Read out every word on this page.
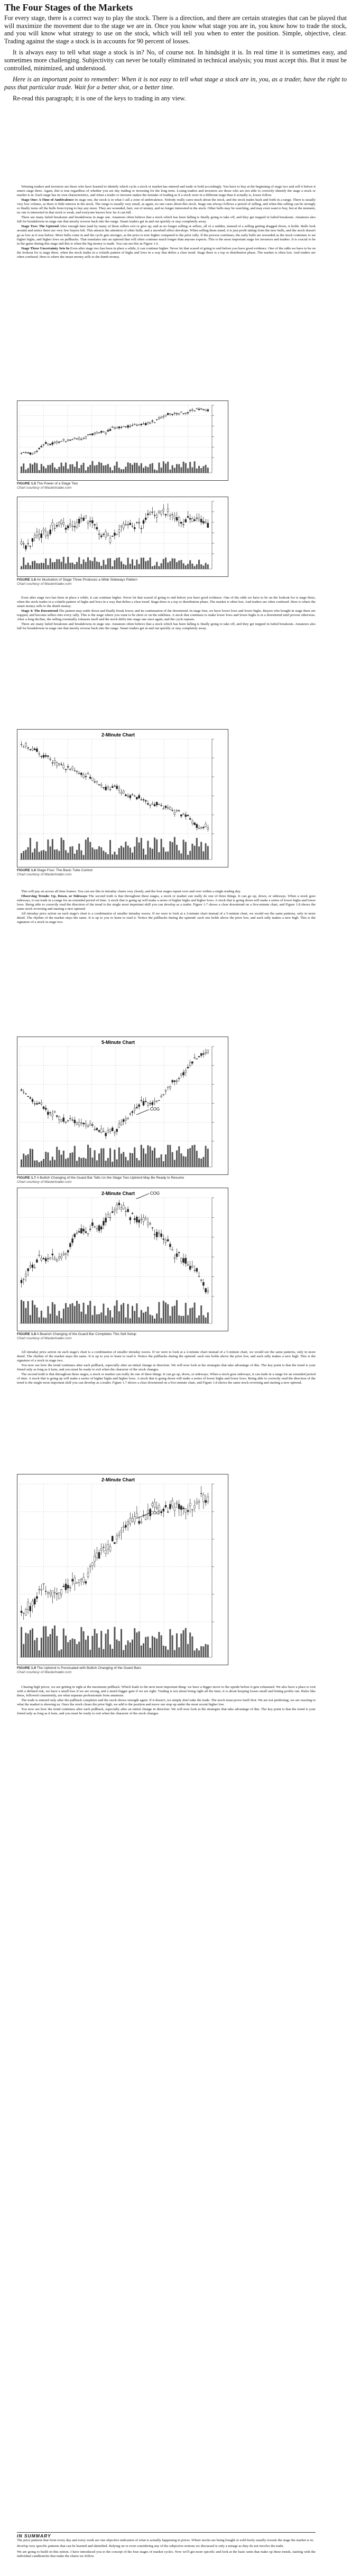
The Four Stages of the Markets

For every stage, there is a correct way to play the stock. There is a direction, and there are certain strategies that can be played that will maximize the movement due to the stage we are in. Once you know what stage you are in, you know how to trade the stock, and you will know what strategy to use on the stock, which will tell you when to enter the position. Simple, objective, clear. Trading against the stage a stock is in accounts for 90 percent of losses.

It is always easy to tell what stage a stock is in? No, of course not. In hindsight it is. In real time it is sometimes easy, and sometimes more challenging. Subjectivity can never be totally eliminated in technical analysis; you must accept this. But it must be controlled, minimized, and understood.

Here is an important point to remember: When it is not easy to tell what stage a stock are in, you, as a trader, have the right to pass that particular trade. Wait for a better shot, or a better time.

Re-read this paragraph; it is one of the keys to trading in any view.

Winning traders and investors are those who have learned to identify which cycle a stock or market has entered and trade or hold accordingly. You have to buy at the beginning of stage two and sell it before it enters stage three. Again, this is true regardless of whether you are day trading or investing for the long term. Losing traders and investors are those who are not able to correctly identify the stage a stock or market is in. Each stage has its own characteristics, and when a trader or investor makes the mistake of trading as if a stock were in a different stage than it actually is, losses follow.

Stage One: A Time of Ambivalence In stage one, the stock is in what I call a zone of ambivalence. Nobody really cares much about the stock, and the stock trades back and forth in a range. There is usually very low volume, as there is little interest in the stock. The range is usually very small, as again, no one cares about this stock. Stage one always follows a period of selling, and when this selling can be strongly or finally turns off the bulls from trying to buy any more. They are wounded, hurt, out of money, and no longer interested in the stock. Other bulls may be watching, and may even want to buy, but at the moment, no one is interested in that stock is weak, and everyone knows how far it can fall.

There are many failed breakouts and breakdowns in stage one. Amateurs often believe that a stock which has been falling is finally going to take off, and they get trapped in failed breakouts. Amateurs also fall for breakdowns in stage one that merely reverse back into the range. Smart traders get in and out quickly or stay completely away.

Stage Two: The Uptrend After enough time (and by many of these sellers exit or give up, and as no longer selling or sellers, all of a sudden, instead of a selling getting dragged down, it holds. Bulls look around and notice there are very few buyers left. This attracts the attention of other bulls, and a snowball effect develops. When selling them stand, it is just profit taking from the new bulls, and the stock doesn't go as low as it was before. More bulls come in and the cycle gets stronger, as the price is now higher compared to the prior rally. If the process continues, the early bulls are rewarded as the stock continues to set higher highs, and higher lows on pullbacks. That translates into an uptrend that will often continue much longer than anyone expects. This is the most important stage for investors and traders. It is crucial to be in the game during this stage and this is when the big money is made. You can see this in Figure 1.6.

Stage Three Uncertainty Sets In Even after stage two has been in place a while, it can continue higher. Never let that scared of going to end before you have good evidence. One of the odds we have to be on the lookout for is stage three, when the stock trades in a volatile pattern of highs and lows in a way that defies a clear trend. Stage three is a top or distribution phase. The market is often lost. And traders are often confused. Here is where the smart money sells to the dumb money.

FIGURE 1.5 The Power of a Stage Two
Chart courtesy of Mastertrader.com
FIGURE 1.6 An Illustration of Stage Three Produces a Wide Sideways Pattern
Chart courtesy of Mastertrader.com

Even after stage two has been in place a while, it can continue higher. Never let that scared of going to end before you have good evidence. One of the odds we have to be on the lookout for is stage three, when the stock trades in a volatile pattern of highs and lows in a way that defies a clear trend. Stage three is a top or distribution phase. The market is often lost. And traders are often confused. Here is where the smart money sells to the dumb money.

Stage 4: The Downtrend The pattern may settle down and finally break lower, and its continuation of the downtrend. In stage four, we have lower lows and lower highs. Buyers who bought in stage three are trapped, and become sellers into every rally. This is the stage where you want to be short or on the sidelines. A stock that continues to make lower lows and lower highs is in a downtrend until proven otherwise. After a long decline, the selling eventually exhausts itself and the stock drifts into stage one once again, and the cycle repeats.

There are many failed breakouts and breakdowns in stage one. Amateurs often believe that a stock which has been falling is finally going to take off, and they get trapped in failed breakouts. Amateurs also fall for breakdowns in stage one that merely reverse back into the range. Smart traders get in and out quickly or stay completely away.

2-Minute Chart
FIGURE 1.6 Stage Four: The Basic Tube Control
Chart courtesy of Mastertrader.com

This will pay on across all time frames. You can see this in intraday charts very clearly, and the four stages repeat over and over within a single trading day.

Observing Trends: Up, Down, or Sideways The second truth is that throughout these stages, a stock or market can really do one of three things. It can go up, down, or sideways. When a stock goes sideways, it can trade in a range for an extended period of time. A stock that is going up will make a series of higher highs and higher lows. A stock that is going down will make a series of lower highs and lower lows. Being able to correctly read the direction of the trend is the single most important skill you can develop as a trader. Figure 1.7 shows a clear downtrend on a five-minute chart, and Figure 1.8 shows the same stock reversing and starting a new uptrend.

All intraday price action on each stage's chart is a combination of smaller intraday waves. If we were to look at a 2-minute chart instead of a 5-minute chart, we would see the same patterns, only in more detail. The rhythm of the market stays the same. It is up to you to learn to read it. Notice the pullbacks during the uptrend: each one holds above the prior low, and each rally makes a new high. This is the signature of a stock in stage two.

5-Minute Chart
COG
FIGURE 1.7 A Bullish Changing of the Guard Bar Tells Us the Stage Two Uptrend May Be Ready to Resume
Chart courtesy of Mastertrader.com
2-Minute Chart	COG
FIGURE 1.8 A Bearish Changing of the Guard Bar Completes This Sell Setup
Chart courtesy of Mastertrader.com

All intraday price action on each stage's chart is a combination of smaller intraday waves. If we were to look at a 2-minute chart instead of a 5-minute chart, we would see the same patterns, only in more detail. The rhythm of the market stays the same. It is up to you to learn to read it. Notice the pullbacks during the uptrend: each one holds above the prior low, and each rally makes a new high. This is the signature of a stock in stage two.

You now see how the trend continues after each pullback, especially after an initial change in direction. We will now look at the strategies that take advantage of this. The key point is that the trend is your friend only as long as it lasts, and you must be ready to exit when the character of the stock changes.

The second truth is that throughout these stages, a stock or market can really do one of three things. It can go up, down, or sideways. When a stock goes sideways, it can trade in a range for an extended period of time. A stock that is going up will make a series of higher highs and higher lows. A stock that is going down will make a series of lower highs and lower lows. Being able to correctly read the direction of the trend is the single most important skill you can develop as a trader. Figure 1.7 shows a clear downtrend on a five-minute chart, and Figure 1.8 shows the same stock reversing and starting a new uptrend.

2-Minute Chart
COG
FIGURE 1.9 The Uptrend Is Punctuated with Bullish Changing of the Guard Bars
Chart courtesy of Mastertrader.com

Chasing high prices, we are getting in right at the maximum pullback. Which leads to the next most important thing: we have a bigger move to the upside before it gets exhausted. We also have a place to exit with a defined risk, we have a small loss if we are wrong, and a much bigger gain if we are right. Trading is not about being right all the time; it is about keeping losses small and letting profits run. Rules like these, followed consistently, are what separate professionals from amateurs.

The trade is entered only after the pullback completes and the stock shows strength again. If it doesn't, we simply don't take the trade. The stock must prove itself first. We are not predicting; we are reacting to what the market is showing us. Once the stock clears the prior high, we add to the position and move our stop up under the most recent higher low.

You now see how the trend continues after each pullback, especially after an initial change in direction. We will now look at the strategies that take advantage of this. The key point is that the trend is your friend only as long as it lasts, and you must be ready to exit when the character of the stock changes.

IN SUMMARY

The price patterns that form every day and every week are one objective indication of what is actually happening in prices. Where stocks are being bought or sold freely usually reveals the stage the market is in.

develop very specific patterns that can be learned and identified. Relying on or even considering any of the subjective notions we discussed is only a mirage as they do not involve the trade.

We are going to build on this notion. I have introduced you to the concept of the four stages of market cycles. Now we'll get more specific and look at the basic units that make up these trends, starting with the individual candlesticks that make the charts we follow.
